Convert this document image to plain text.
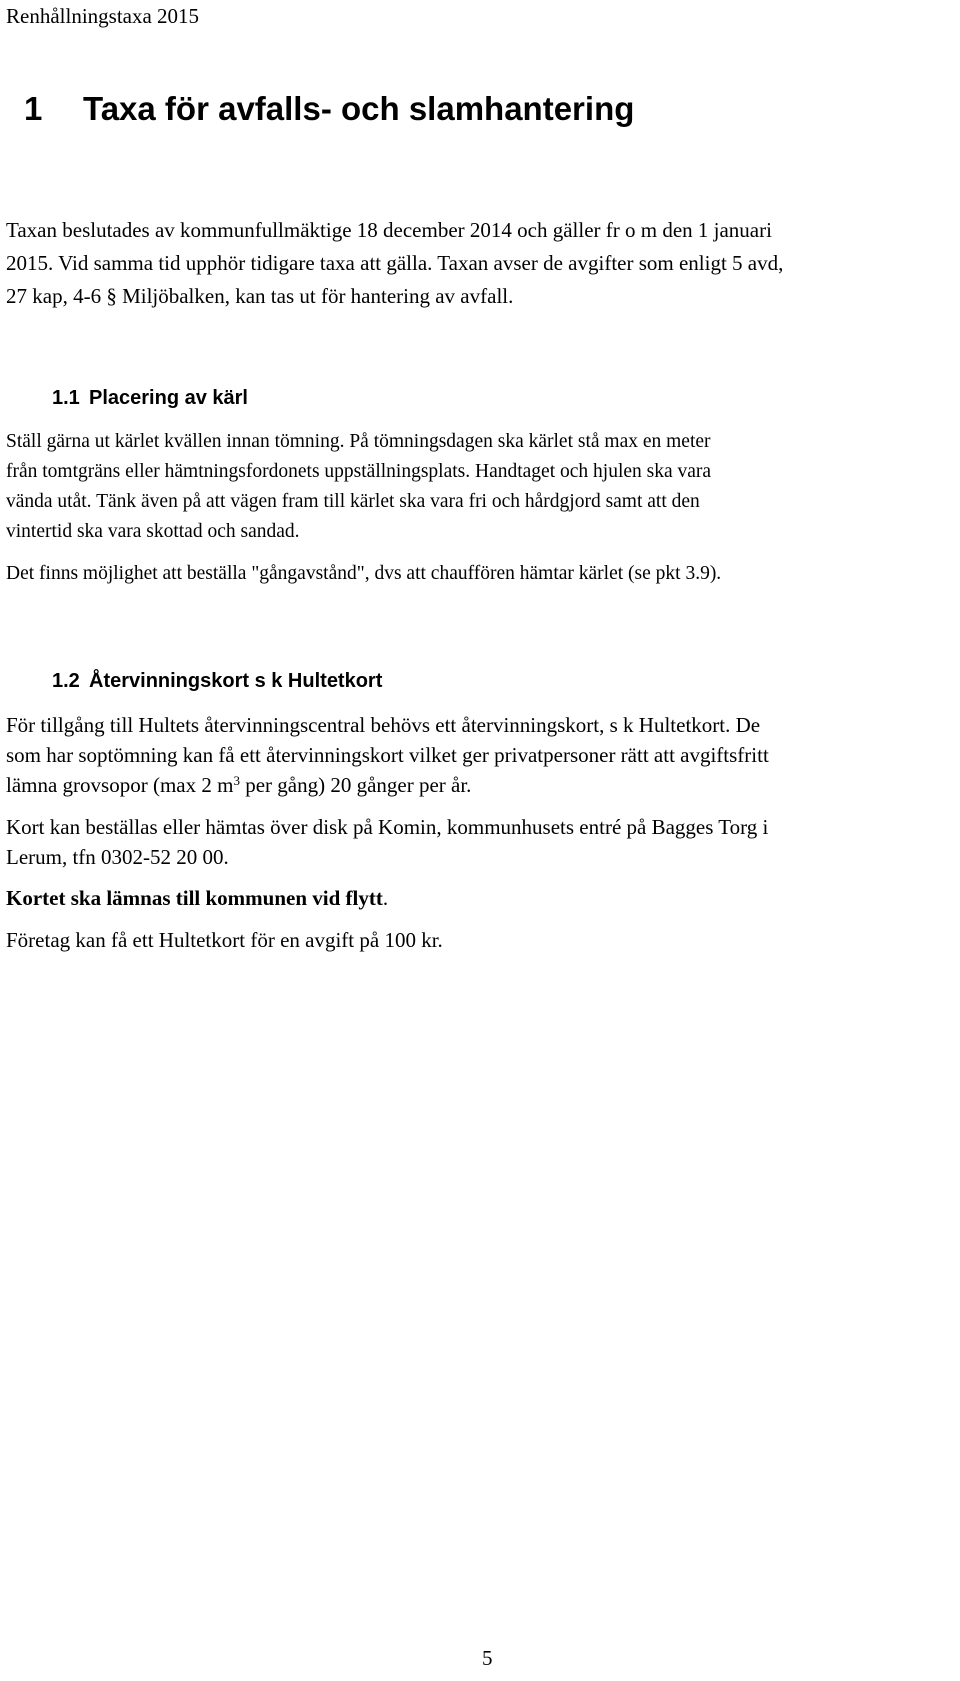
Renhållningstaxa 2015
1 Taxa för avfalls- och slamhantering

Taxan beslutades av kommunfullmäktige 18 december 2014 och gäller fr o m den 1 januari

2015. Vid samma tid upphör tidigare taxa att gälla. Taxan avser de avgifter som enligt 5 avd,

27 kap, 4-6 § Miljöbalken, kan tas ut för hantering av avfall.

1.1 Placering av kärl

Ställ gärna ut kärlet kvällen innan tömning. På tömningsdagen ska kärlet stå max en meter

från tomtgräns eller hämtningsfordonets uppställningsplats. Handtaget och hjulen ska vara

vända utåt. Tänk även på att vägen fram till kärlet ska vara fri och hårdgjord samt att den

vintertid ska vara skottad och sandad.

Det finns möjlighet att beställa "gångavstånd", dvs att chauffören hämtar kärlet (se pkt 3.9).

1.2 Återvinningskort s k Hultetkort

För tillgång till Hultets återvinningscentral behövs ett återvinningskort, s k Hultetkort. De

som har soptömning kan få ett återvinningskort vilket ger privatpersoner rätt att avgiftsfritt

lämna grovsopor (max 2 $m^3$ per gång) 20 gånger per år.

Kort kan beställas eller hämtas över disk på Komin, kommunhusets entré på Bagges Torg i

Lerum, tfn 0302-52 20 00.

Kortet ska lämnas till kommunen vid flytt.

Företag kan få ett Hultetkort för en avgift på 100 kr.

5
